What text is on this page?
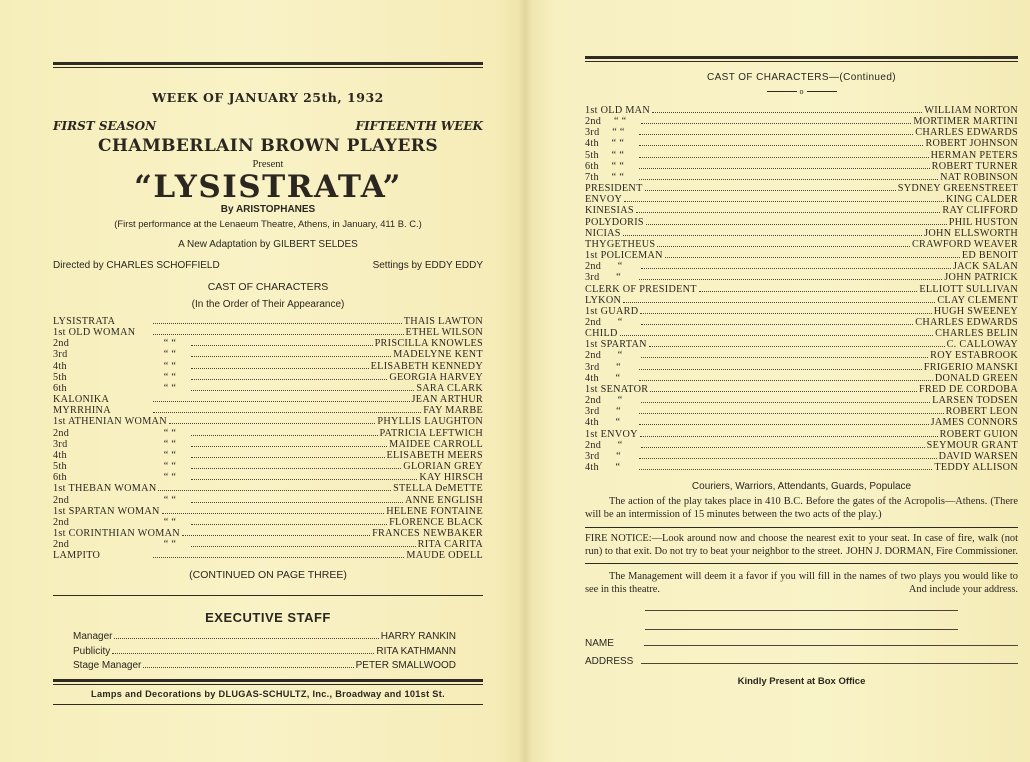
WEEK OF JANUARY 25th, 1932
FIRST SEASON	FIFTEENTH WEEK
CHAMBERLAIN BROWN PLAYERS
Present
“LYSISTRATA”
By ARISTOPHANES
(First performance at the Lenaeum Theatre, Athens, in January, 411 B. C.)
A New Adaptation by GILBERT SELDES
Directed by CHARLES SCHOFFIELD	Settings by EDDY EDDY
CAST OF CHARACTERS
(In the Order of Their Appearance)
LYSISTRATA	THAIS LAWTON
1st OLD WOMAN	ETHEL WILSON
2nd	“ “	PRISCILLA KNOWLES
3rd	“ “	MADELYNE KENT
4th	“ “	ELISABETH KENNEDY
5th	“ “	GEORGIA HARVEY
6th	“ “	SARA CLARK
KALONIKA	JEAN ARTHUR
MYRRHINA	FAY MARBE
1st ATHENIAN WOMAN	PHYLLIS LAUGHTON
2nd	“ “	PATRICIA LEFTWICH
3rd	“ “	MAIDEE CARROLL
4th	“ “	ELISABETH MEERS
5th	“ “	GLORIAN GREY
6th	“ “	KAY HIRSCH
1st THEBAN WOMAN	STELLA DeMETTE
2nd	“ “	ANNE ENGLISH
1st SPARTAN WOMAN	HELENE FONTAINE
2nd	“ “	FLORENCE BLACK
1st CORINTHIAN WOMAN	FRANCES NEWBAKER
2nd	“ “	RITA CARITA
LAMPITO	MAUDE ODELL
(CONTINUED ON PAGE THREE)
EXECUTIVE STAFF
Manager	HARRY RANKIN
Publicity	RITA KATHMANN
Stage Manager	PETER SMALLWOOD
Lamps and Decorations by DLUGAS-SCHULTZ, Inc., Broadway and 101st St.
CAST OF CHARACTERS—(Continued)
o
1st OLD MAN	WILLIAM NORTON
2nd	“ “	MORTIMER MARTINI
3rd	“ “	CHARLES EDWARDS
4th	“ “	ROBERT JOHNSON
5th	“ “	HERMAN PETERS
6th	“ “	ROBERT TURNER
7th	“ “	NAT ROBINSON
PRESIDENT	SYDNEY GREENSTREET
ENVOY	KING CALDER
KINESIAS	RAY CLIFFORD
POLYDORIS	PHIL HUSTON
NICIAS	JOHN ELLSWORTH
THYGETHEUS	CRAWFORD WEAVER
1st POLICEMAN	ED BENOIT
2nd	“	JACK SALAN
3rd	“	JOHN PATRICK
CLERK OF PRESIDENT	ELLIOTT SULLIVAN
LYKON	CLAY CLEMENT
1st GUARD	HUGH SWEENEY
2nd	“	CHARLES EDWARDS
CHILD	CHARLES BELIN
1st SPARTAN	C. CALLOWAY
2nd	“	ROY ESTABROOK
3rd	“	FRIGERIO MANSKI
4th	“	DONALD GREEN
1st SENATOR	FRED DE CORDOBA
2nd	“	LARSEN TODSEN
3rd	“	ROBERT LEON
4th	“	JAMES CONNORS
1st ENVOY	ROBERT GUION
2nd	“	SEYMOUR GRANT
3rd	“	DAVID WARSEN
4th	“	TEDDY ALLISON
Couriers, Warriors, Attendants, Guards, Populace
The action of the play takes place in 410 B.C. Before the gates of the Acropolis—Athens. (There will be an intermission of 15 minutes between the two acts of the play.)
FIRE NOTICE:—Look around now and choose the nearest exit to your seat. In case of fire, walk (not run) to that exit. Do not try to beat your neighbor to the street. JOHN J. DORMAN, Fire Commissioner.
The Management will deem it a favor if you will fill in the names of two plays you would like to see in this theatre.	And include your address.
NAME
ADDRESS
Kindly Present at Box Office
